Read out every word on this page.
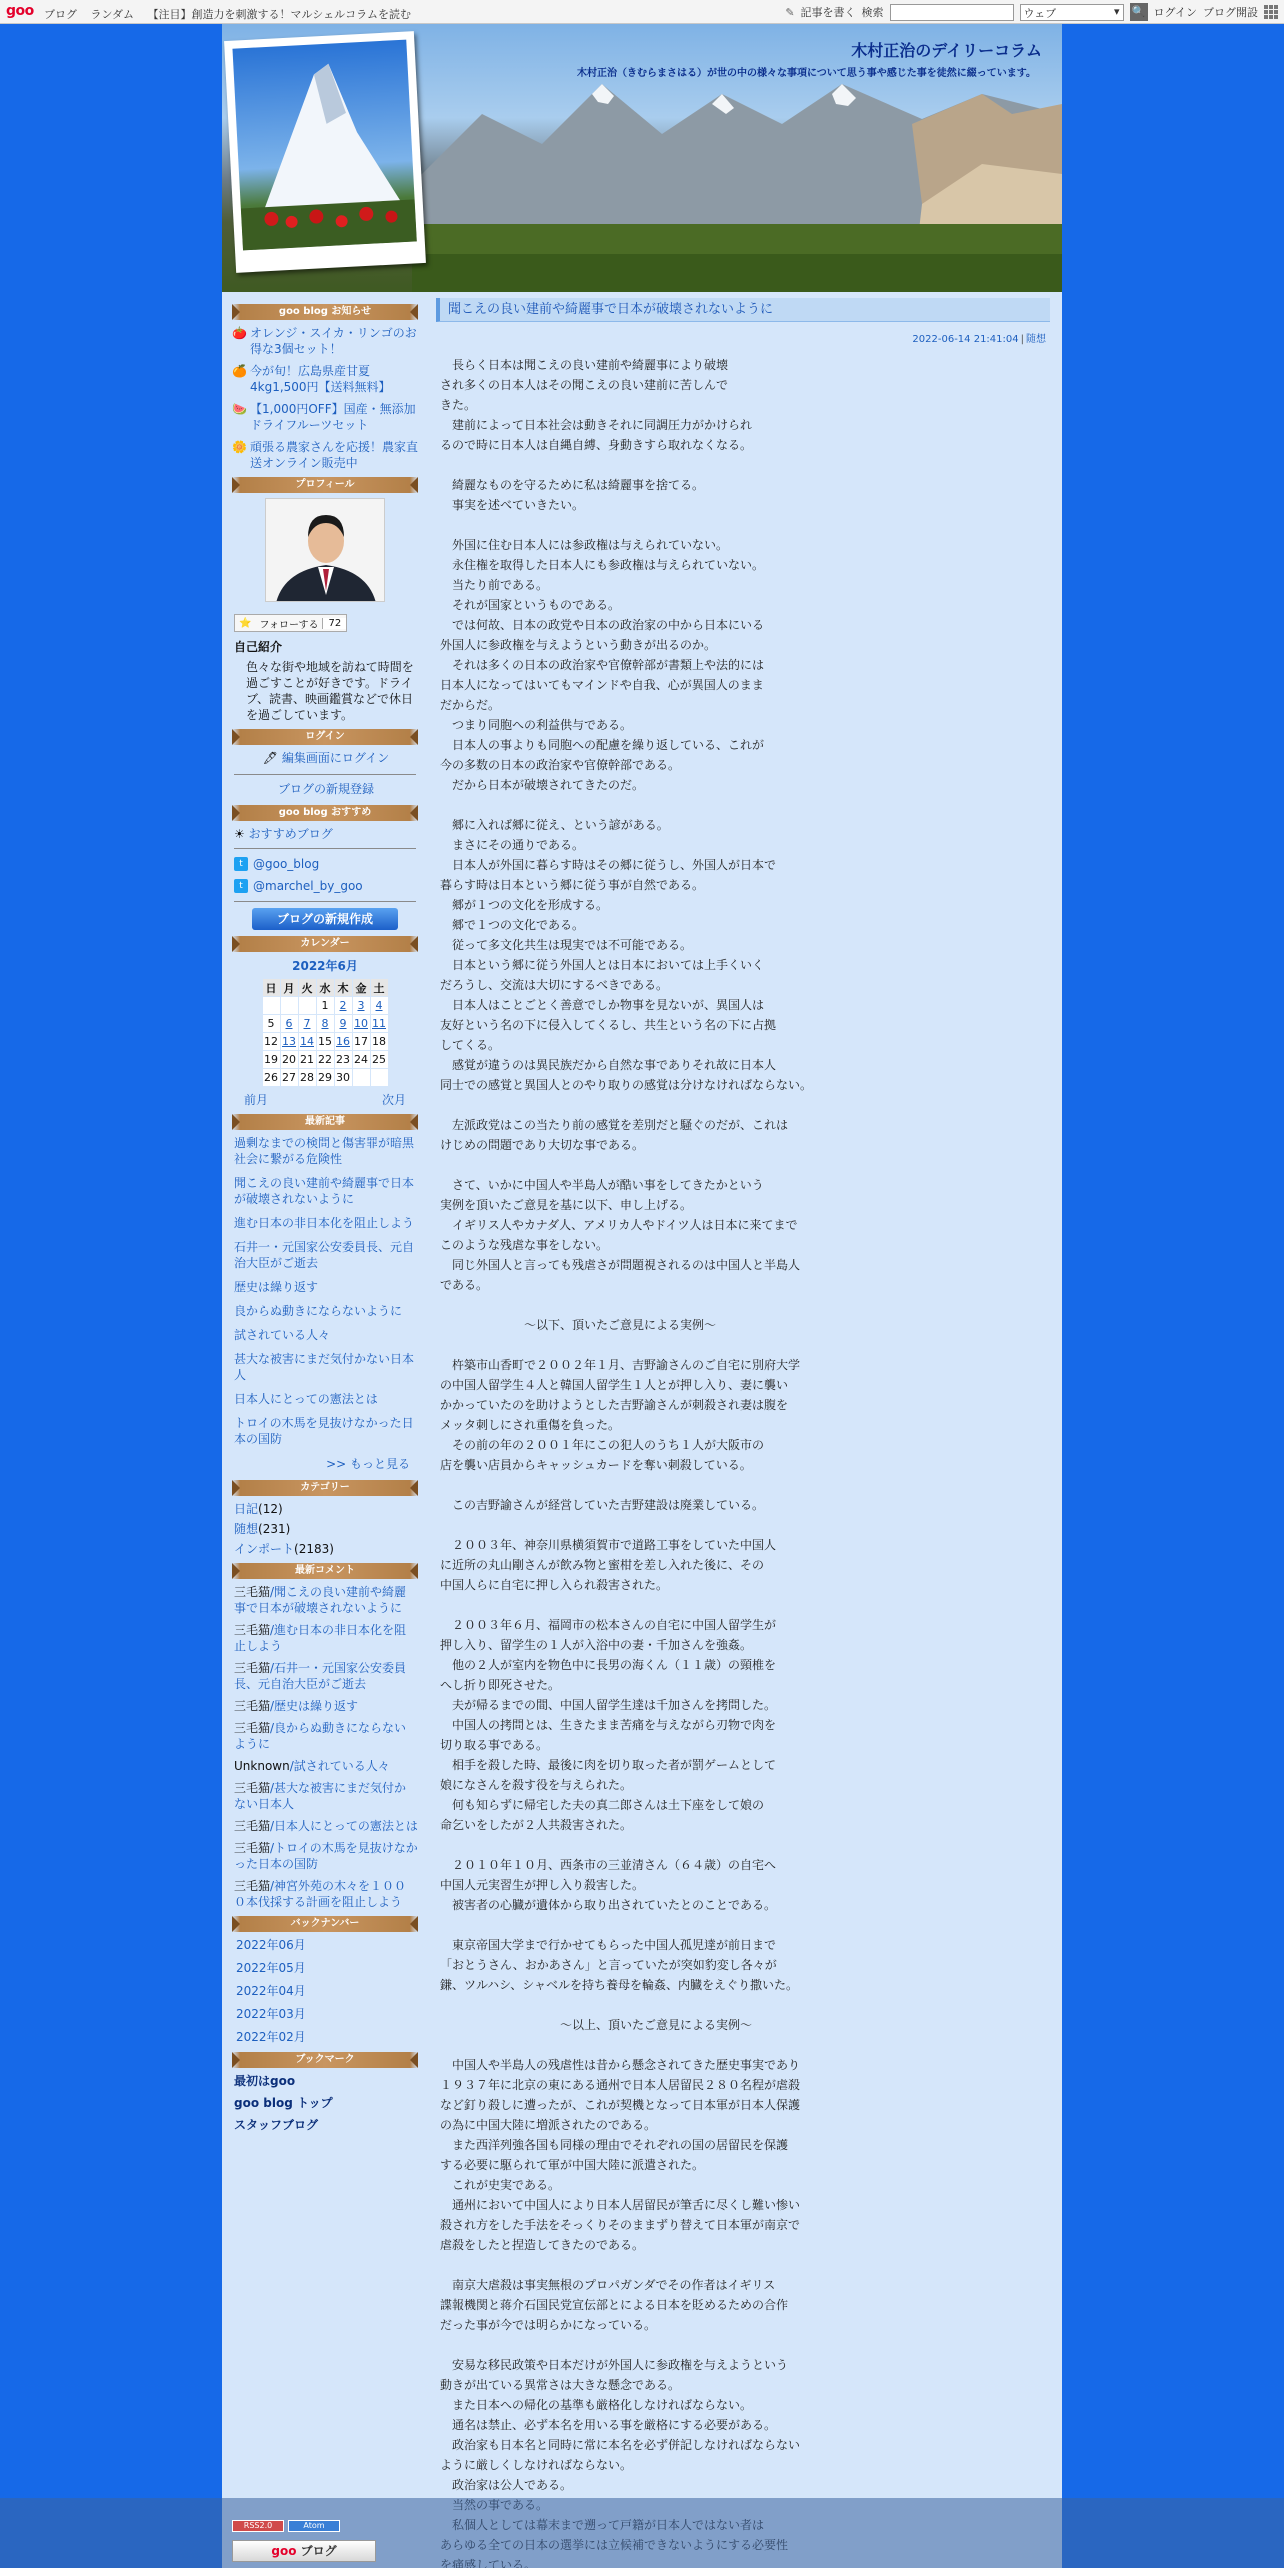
goo ブログ ランダム 【注目】創造力を刺激する！マルシェルコラムを読む	✎ 記事を書く 検索	ウェブ ▾	🔍 ログイン ブログ開設
木村正治のデイリーコラム
木村正治（きむらまさはる）が世の中の様々な事項について思う事や感じた事を徒然に綴っています。
goo blog お知らせ
🍅 オレンジ・スイカ・リンゴのお得な3個セット！
🍊 今が旬！広島県産甘夏4kg1,500円【送料無料】
🍉 【1,000円OFF】国産・無添加ドライフルーツセット
🌼 頑張る農家さんを応援！農家直送オンライン販売中
プロフィール
⭐ フォローする	72
自己紹介
色々な街や地域を訪ねて時間を過ごすことが好きです。ドライブ、読書、映画鑑賞などで休日を過ごしています。
ログイン
🖋 編集画面にログイン
ブログの新規登録
goo blog おすすめ
☀ おすすめブログ
t @goo_blog
t @marchel_by_goo
ブログの新規作成
カレンダー
2022年6月
日	月	火	水	木	金	土
			1	2	3	4
5	6	7	8	9	10	11
12	13	14	15	16	17	18
19	20	21	22	23	24	25
26	27	28	29	30		
前月	次月
最新記事
過剰なまでの検問と傷害罪が暗黒社会に繋がる危険性
聞こえの良い建前や綺麗事で日本が破壊されないように
進む日本の非日本化を阻止しよう
石井一・元国家公安委員長、元自治大臣がご逝去
歴史は繰り返す
良からぬ動きにならないように
試されている人々
甚大な被害にまだ気付かない日本人
日本人にとっての憲法とは
トロイの木馬を見抜けなかった日本の国防
>> もっと見る
カテゴリー
日記(12)
随想(231)
インポート(2183)
最新コメント
三毛猫/聞こえの良い建前や綺麗事で日本が破壊されないように
三毛猫/進む日本の非日本化を阻止しよう
三毛猫/石井一・元国家公安委員長、元自治大臣がご逝去
三毛猫/歴史は繰り返す
三毛猫/良からぬ動きにならないように
Unknown/試されている人々
三毛猫/甚大な被害にまだ気付かない日本人
三毛猫/日本人にとっての憲法とは
三毛猫/トロイの木馬を見抜けなかった日本の国防
三毛猫/神宮外苑の木々を１０００本伐採する計画を阻止しよう
バックナンバー
2022年06月
2022年05月
2022年04月
2022年03月
2022年02月
ブックマーク
最初はgoo
goo blog トップ
スタッフブログ
聞こえの良い建前や綺麗事で日本が破壊されないように
2022-06-14 21:41:04 | 随想

　長らく日本は聞こえの良い建前や綺麗事により破壊
され多くの日本人はその聞こえの良い建前に苦しんで
きた。
　建前によって日本社会は動きそれに同調圧力がかけられ
るので時に日本人は自縄自縛、身動きすら取れなくなる。

　綺麗なものを守るために私は綺麗事を捨てる。
　事実を述べていきたい。

　外国に住む日本人には参政権は与えられていない。
　永住権を取得した日本人にも参政権は与えられていない。
　当たり前である。
　それが国家というものである。
　では何故、日本の政党や日本の政治家の中から日本にいる
外国人に参政権を与えようという動きが出るのか。
　それは多くの日本の政治家や官僚幹部が書類上や法的には
日本人になってはいてもマインドや自我、心が異国人のまま
だからだ。
　つまり同胞への利益供与である。
　日本人の事よりも同胞への配慮を繰り返している、これが
今の多数の日本の政治家や官僚幹部である。
　だから日本が破壊されてきたのだ。

　郷に入れば郷に従え、という諺がある。
　まさにその通りである。
　日本人が外国に暮らす時はその郷に従うし、外国人が日本で
暮らす時は日本という郷に従う事が自然である。
　郷が１つの文化を形成する。
　郷で１つの文化である。
　従って多文化共生は現実では不可能である。
　日本という郷に従う外国人とは日本においては上手くいく
だろうし、交流は大切にするべきである。
　日本人はことごとく善意でしか物事を見ないが、異国人は
友好という名の下に侵入してくるし、共生という名の下に占拠
してくる。
　感覚が違うのは異民族だから自然な事でありそれ故に日本人
同士での感覚と異国人とのやり取りの感覚は分けなければならない。

　左派政党はこの当たり前の感覚を差別だと騒ぐのだが、これは
けじめの問題であり大切な事である。

　さて、いかに中国人や半島人が酷い事をしてきたかという
実例を頂いたご意見を基に以下、申し上げる。
　イギリス人やカナダ人、アメリカ人やドイツ人は日本に来てまで
このような残虐な事をしない。
　同じ外国人と言っても残虐さが問題視されるのは中国人と半島人
である。

　　　　　　　～以下、頂いたご意見による実例～

　杵築市山香町で２００２年１月、吉野諭さんのご自宅に別府大学
の中国人留学生４人と韓国人留学生１人とが押し入り、妻に襲い
かかっていたのを助けようとした吉野諭さんが刺殺され妻は腹を
メッタ刺しにされ重傷を負った。
　その前の年の２００１年にこの犯人のうち１人が大阪市の
店を襲い店員からキャッシュカードを奪い刺殺している。

　この吉野諭さんが経営していた吉野建設は廃業している。

　２００３年、神奈川県横須賀市で道路工事をしていた中国人
に近所の丸山剛さんが飲み物と蜜柑を差し入れた後に、その
中国人らに自宅に押し入られ殺害された。

　２００３年６月、福岡市の松本さんの自宅に中国人留学生が
押し入り、留学生の１人が入浴中の妻・千加さんを強姦。
　他の２人が室内を物色中に長男の海くん（１１歳）の頸椎を
へし折り即死させた。
　夫が帰るまでの間、中国人留学生達は千加さんを拷問した。
　中国人の拷問とは、生きたまま苦痛を与えながら刃物で肉を
切り取る事である。
　相手を殺した時、最後に肉を切り取った者が罰ゲームとして
娘になさんを殺す役を与えられた。
　何も知らずに帰宅した夫の真二郎さんは土下座をして娘の
命乞いをしたが２人共殺害された。

　２０１０年１０月、西条市の三並清さん（６４歳）の自宅へ
中国人元実習生が押し入り殺害した。
　被害者の心臓が遺体から取り出されていたとのことである。

　東京帝国大学まで行かせてもらった中国人孤児達が前日まで
「おとうさん、おかあさん」と言っていたが突如豹変し各々が
鎌、ツルハシ、シャベルを持ち養母を輪姦、内臓をえぐり撒いた。

　　　　　　　　　　～以上、頂いたご意見による実例～

　中国人や半島人の残虐性は昔から懸念されてきた歴史事実であり
１９３７年に北京の東にある通州で日本人居留民２８０名程が虐殺
など釘り殺しに遭ったが、これが契機となって日本軍が日本人保護
の為に中国大陸に増派されたのである。
　また西洋列強各国も同様の理由でそれぞれの国の居留民を保護
する必要に駆られて軍が中国大陸に派遣された。
　これが史実である。
　通州において中国人により日本人居留民が筆舌に尽くし難い惨い
殺され方をした手法をそっくりそのままずり替えて日本軍が南京で
虐殺をしたと捏造してきたのである。

　南京大虐殺は事実無根のプロパガンダでその作者はイギリス
諜報機関と蒋介石国民党宣伝部とによる日本を貶めるための合作
だった事が今では明らかになっている。

　安易な移民政策や日本だけが外国人に参政権を与えようという
動きが出ている異常さは大きな懸念である。
　また日本への帰化の基準も厳格化しなければならない。
　通名は禁止、必ず本名を用いる事を厳格にする必要がある。
　政治家も日本名と同時に常に本名を必ず併記しなければならない
ように厳しくしなければならない。
　政治家は公人である。

RSS2.0	Atom
goo ブログ
